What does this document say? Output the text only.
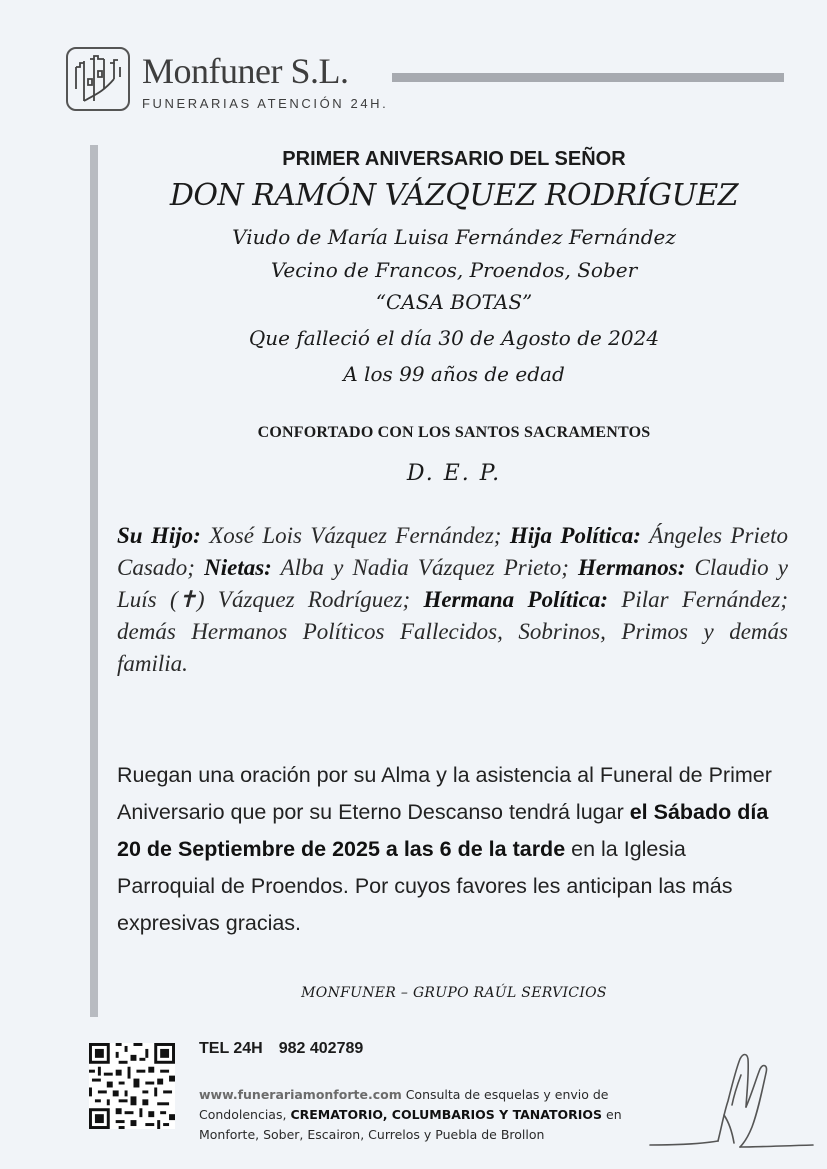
Monfuner S.L.
FUNERARIAS ATENCIÓN 24H.
PRIMER ANIVERSARIO DEL SEÑOR
DON RAMÓN VÁZQUEZ RODRÍGUEZ
Viudo de María Luisa Fernández Fernández
Vecino de Francos, Proendos, Sober
“CASA BOTAS”
Que falleció el día 30 de Agosto de 2024
A los 99 años de edad
CONFORTADO CON LOS SANTOS SACRAMENTOS
D. E. P.
Su Hijo: Xosé Lois Vázquez Fernández; Hija Política: Ángeles Prieto Casado; Nietas: Alba y Nadia Vázquez Prieto; Hermanos: Claudio y Luís (✝) Vázquez Rodríguez; Hermana Política: Pilar Fernández; demás Hermanos Políticos Fallecidos, Sobrinos, Primos y demás familia.
Ruegan una oración por su Alma y la asistencia al Funeral de Primer Aniversario que por su Eterno Descanso tendrá lugar el Sábado día 20 de Septiembre de 2025 a las 6 de la tarde en la Iglesia Parroquial de Proendos. Por cuyos favores les anticipan las más expresivas gracias.
MONFUNER – GRUPO RAÚL SERVICIOS
TEL 24H 982 402789
www.funerariamonforte.com Consulta de esquelas y envio de Condolencias, CREMATORIO, COLUMBARIOS Y TANATORIOS en Monforte, Sober, Escairon, Currelos y Puebla de Brollon
